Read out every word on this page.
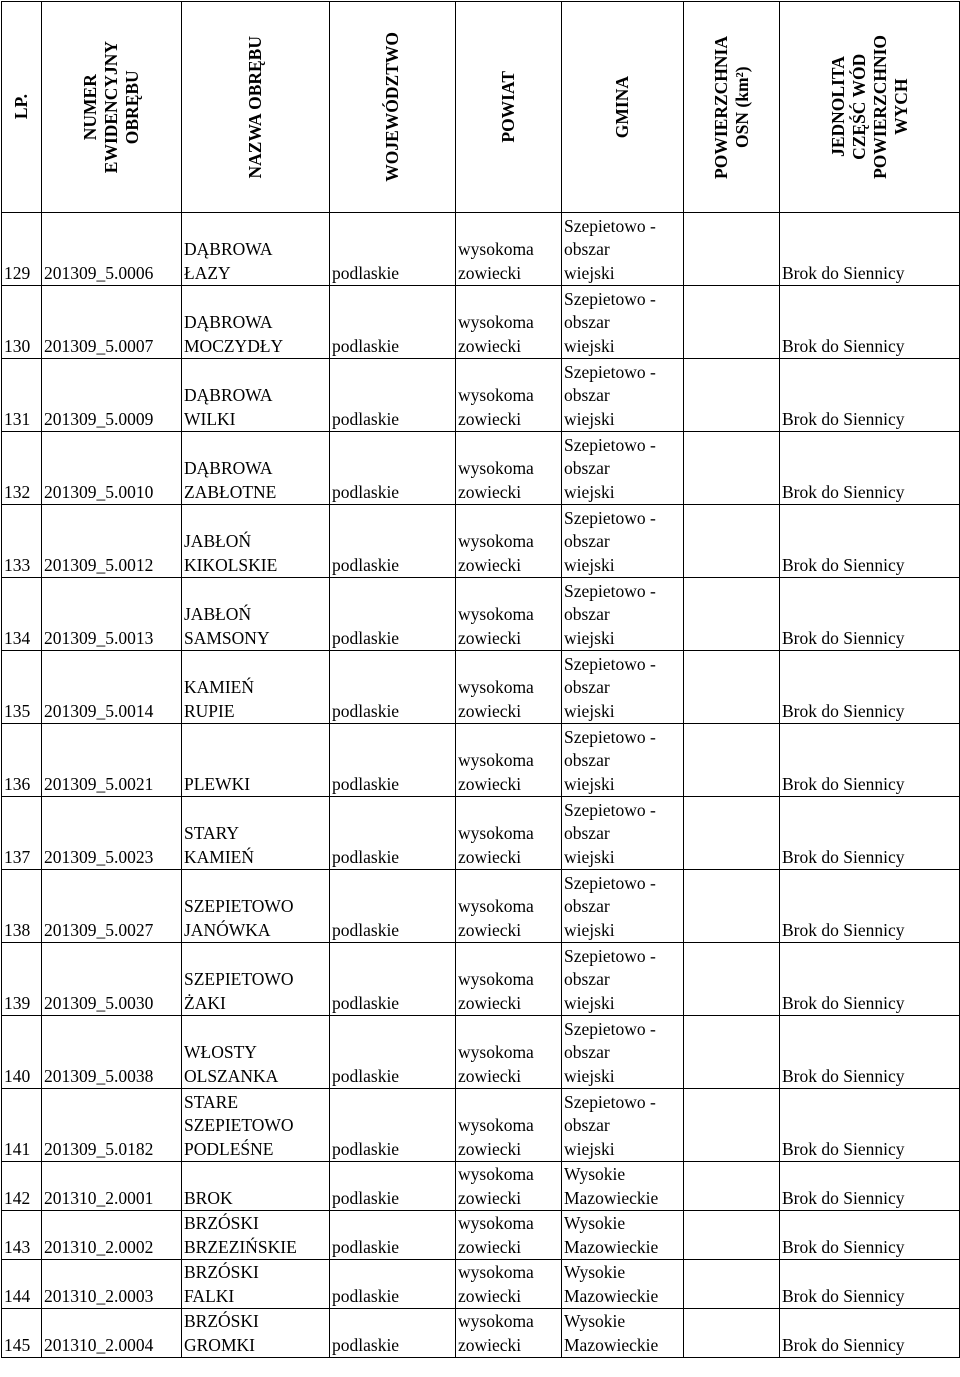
LP.	NUMER
EWIDENCYJNY
OBRĘBU	NAZWA OBRĘBU	WOJEWÓDZTWO	POWIAT	GMINA	POWIERZCHNIA
OSN (km²)	JEDNOLITA
CZĘŚĆ WÓD
POWIERZCHNIO
WYCH

129	201309_5.0006	DĄBROWA
ŁAZY	podlaskie	wysokoma
zowiecki	Szepietowo -
obszar
wiejski		Brok do Siennicy
130	201309_5.0007	DĄBROWA
MOCZYDŁY	podlaskie	wysokoma
zowiecki	Szepietowo -
obszar
wiejski		Brok do Siennicy
131	201309_5.0009	DĄBROWA
WILKI	podlaskie	wysokoma
zowiecki	Szepietowo -
obszar
wiejski		Brok do Siennicy
132	201309_5.0010	DĄBROWA
ZABŁOTNE	podlaskie	wysokoma
zowiecki	Szepietowo -
obszar
wiejski		Brok do Siennicy
133	201309_5.0012	JABŁOŃ
KIKOLSKIE	podlaskie	wysokoma
zowiecki	Szepietowo -
obszar
wiejski		Brok do Siennicy
134	201309_5.0013	JABŁOŃ
SAMSONY	podlaskie	wysokoma
zowiecki	Szepietowo -
obszar
wiejski		Brok do Siennicy
135	201309_5.0014	KAMIEŃ
RUPIE	podlaskie	wysokoma
zowiecki	Szepietowo -
obszar
wiejski		Brok do Siennicy
136	201309_5.0021	PLEWKI	podlaskie	wysokoma
zowiecki	Szepietowo -
obszar
wiejski		Brok do Siennicy
137	201309_5.0023	STARY
KAMIEŃ	podlaskie	wysokoma
zowiecki	Szepietowo -
obszar
wiejski		Brok do Siennicy
138	201309_5.0027	SZEPIETOWO
JANÓWKA	podlaskie	wysokoma
zowiecki	Szepietowo -
obszar
wiejski		Brok do Siennicy
139	201309_5.0030	SZEPIETOWO
ŻAKI	podlaskie	wysokoma
zowiecki	Szepietowo -
obszar
wiejski		Brok do Siennicy
140	201309_5.0038	WŁOSTY
OLSZANKA	podlaskie	wysokoma
zowiecki	Szepietowo -
obszar
wiejski		Brok do Siennicy
141	201309_5.0182	STARE
SZEPIETOWO
PODLEŚNE	podlaskie	wysokoma
zowiecki	Szepietowo -
obszar
wiejski		Brok do Siennicy
142	201310_2.0001	BROK	podlaskie	wysokoma
zowiecki	Wysokie
Mazowieckie		Brok do Siennicy
143	201310_2.0002	BRZÓSKI
BRZEZIŃSKIE	podlaskie	wysokoma
zowiecki	Wysokie
Mazowieckie		Brok do Siennicy
144	201310_2.0003	BRZÓSKI
FALKI	podlaskie	wysokoma
zowiecki	Wysokie
Mazowieckie		Brok do Siennicy
145	201310_2.0004	BRZÓSKI
GROMKI	podlaskie	wysokoma
zowiecki	Wysokie
Mazowieckie		Brok do Siennicy
